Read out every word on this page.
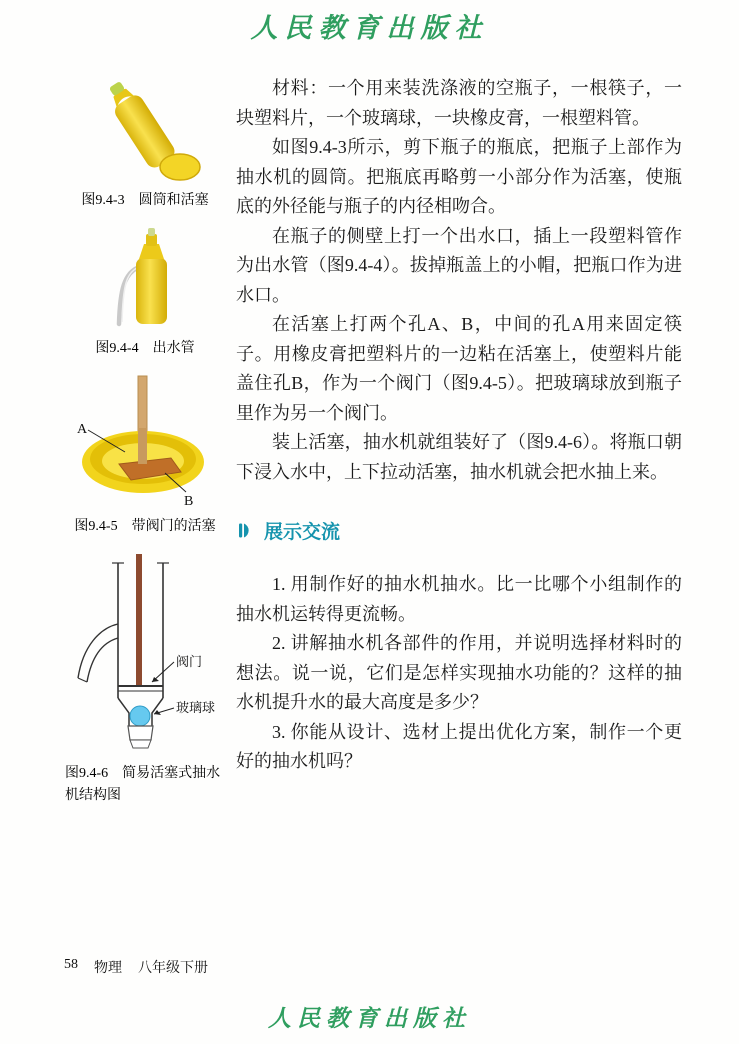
人民教育出版社
图9.4-3　圆筒和活塞
图9.4-4　出水管
A
B
图9.4-5　带阀门的活塞
阀门
玻璃球
图9.4-6　简易活塞式抽水机结构图

材料：一个用来装洗涤液的空瓶子，一根筷子，一块塑料片，一个玻璃球，一块橡皮膏，一根塑料管。

如图9.4-3所示，剪下瓶子的瓶底，把瓶子上部作为抽水机的圆筒。把瓶底再略剪一小部分作为活塞，使瓶底的外径能与瓶子的内径相吻合。

在瓶子的侧壁上打一个出水口，插上一段塑料管作为出水管（图9.4-4）。拔掉瓶盖上的小帽，把瓶口作为进水口。

在活塞上打两个孔A、B，中间的孔A用来固定筷子。用橡皮膏把塑料片的一边粘在活塞上，使塑料片能盖住孔B，作为一个阀门（图9.4-5）。把玻璃球放到瓶子里作为另一个阀门。

装上活塞，抽水机就组装好了（图9.4-6）。将瓶口朝下浸入水中，上下拉动活塞，抽水机就会把水抽上来。

展示交流

1. 用制作好的抽水机抽水。比一比哪个小组制作的抽水机运转得更流畅。

2. 讲解抽水机各部件的作用，并说明选择材料时的想法。说一说，它们是怎样实现抽水功能的？这样的抽水机提升水的最大高度是多少？

3. 你能从设计、选材上提出优化方案，制作一个更好的抽水机吗？

58 物理 八年级下册
人民教育出版社
